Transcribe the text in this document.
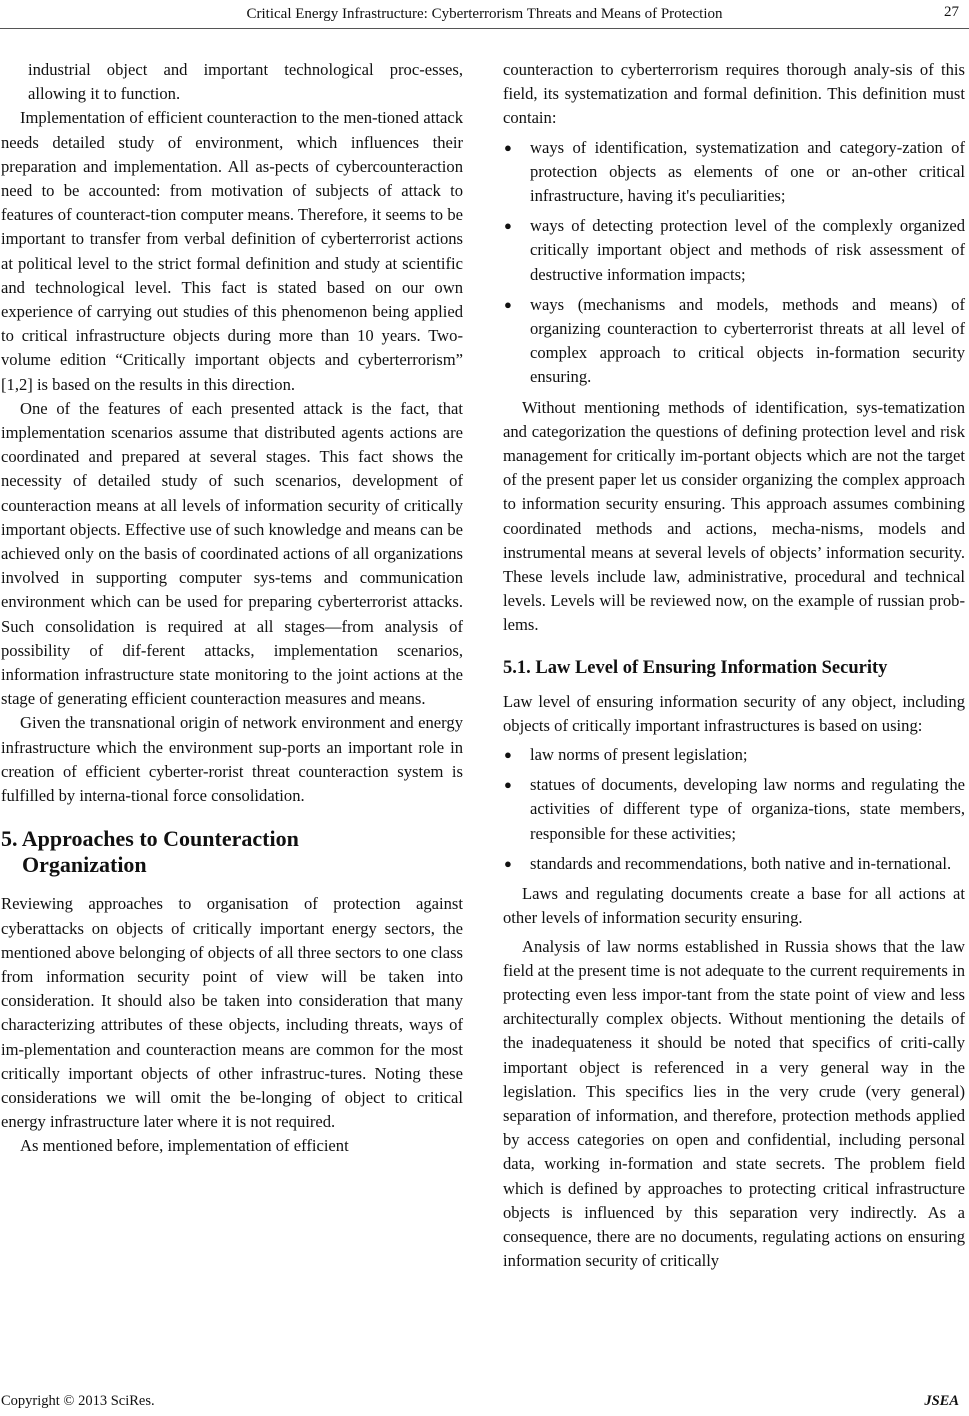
Critical Energy Infrastructure: Cyberterrorism Threats and Means of Protection	27

industrial object and important technological proc-esses, allowing it to function.

Implementation of efficient counteraction to the men-tioned attack needs detailed study of environment, which influences their preparation and implementation. All as-pects of cybercounteraction need to be accounted: from motivation of subjects of attack to features of counteract-tion computer means. Therefore, it seems to be important to transfer from verbal definition of cyberterrorist actions at political level to the strict formal definition and study at scientific and technological level. This fact is stated based on our own experience of carrying out studies of this phenomenon being applied to critical infrastructure objects during more than 10 years. Two-volume edition “Critically important objects and cyberterrorism” [1,2] is based on the results in this direction.

One of the features of each presented attack is the fact, that implementation scenarios assume that distributed agents actions are coordinated and prepared at several stages. This fact shows the necessity of detailed study of such scenarios, development of counteraction means at all levels of information security of critically important objects. Effective use of such knowledge and means can be achieved only on the basis of coordinated actions of all organizations involved in supporting computer sys-tems and communication environment which can be used for preparing cyberterrorist attacks. Such consolidation is required at all stages—from analysis of possibility of dif-ferent attacks, implementation scenarios, information infrastructure state monitoring to the joint actions at the stage of generating efficient counteraction measures and means.

Given the transnational origin of network environment and energy infrastructure which the environment sup-ports an important role in creation of efficient cyberter-rorist threat counteraction system is fulfilled by interna-tional force consolidation.

5. Approaches to Counteraction
Organization

Reviewing approaches to organisation of protection against cyberattacks on objects of critically important energy sectors, the mentioned above belonging of objects of all three sectors to one class from information security point of view will be taken into consideration. It should also be taken into consideration that many characterizing attributes of these objects, including threats, ways of im-plementation and counteraction means are common for the most critically important objects of other infrastruc-tures. Noting these considerations we will omit the be-longing of object to critical energy infrastructure later where it is not required.

As mentioned before, implementation of efficient

counteraction to cyberterrorism requires thorough analy-sis of this field, its systematization and formal definition. This definition must contain:

● ways of identification, systematization and category-zation of protection objects as elements of one or an-other critical infrastructure, having it's peculiarities;
● ways of detecting protection level of the complexly organized critically important object and methods of risk assessment of destructive information impacts;
● ways (mechanisms and models, methods and means) of organizing counteraction to cyberterrorist threats at all level of complex approach to critical objects in-formation security ensuring.

Without mentioning methods of identification, sys-tematization and categorization the questions of defining protection level and risk management for critically im-portant objects which are not the target of the present paper let us consider organizing the complex approach to information security ensuring. This approach assumes combining coordinated methods and actions, mecha-nisms, models and instrumental means at several levels of objects’ information security. These levels include law, administrative, procedural and technical levels. Levels will be reviewed now, on the example of russian prob-lems.

5.1. Law Level of Ensuring Information Security

Law level of ensuring information security of any object, including objects of critically important infrastructures is based on using:

● law norms of present legislation;
● statues of documents, developing law norms and regulating the activities of different type of organiza-tions, state members, responsible for these activities;
● standards and recommendations, both native and in-ternational.

Laws and regulating documents create a base for all actions at other levels of information security ensuring.

Analysis of law norms established in Russia shows that the law field at the present time is not adequate to the current requirements in protecting even less impor-tant from the state point of view and less architecturally complex objects. Without mentioning the details of the inadequateness it should be noted that specifics of criti-cally important object is referenced in a very general way in the legislation. This specifics lies in the very crude (very general) separation of information, and therefore, protection methods applied by access categories on open and confidential, including personal data, working in-formation and state secrets. The problem field which is defined by approaches to protecting critical infrastructure objects is influenced by this separation very indirectly. As a consequence, there are no documents, regulating actions on ensuring information security of critically

Copyright © 2013 SciRes.	JSEA
